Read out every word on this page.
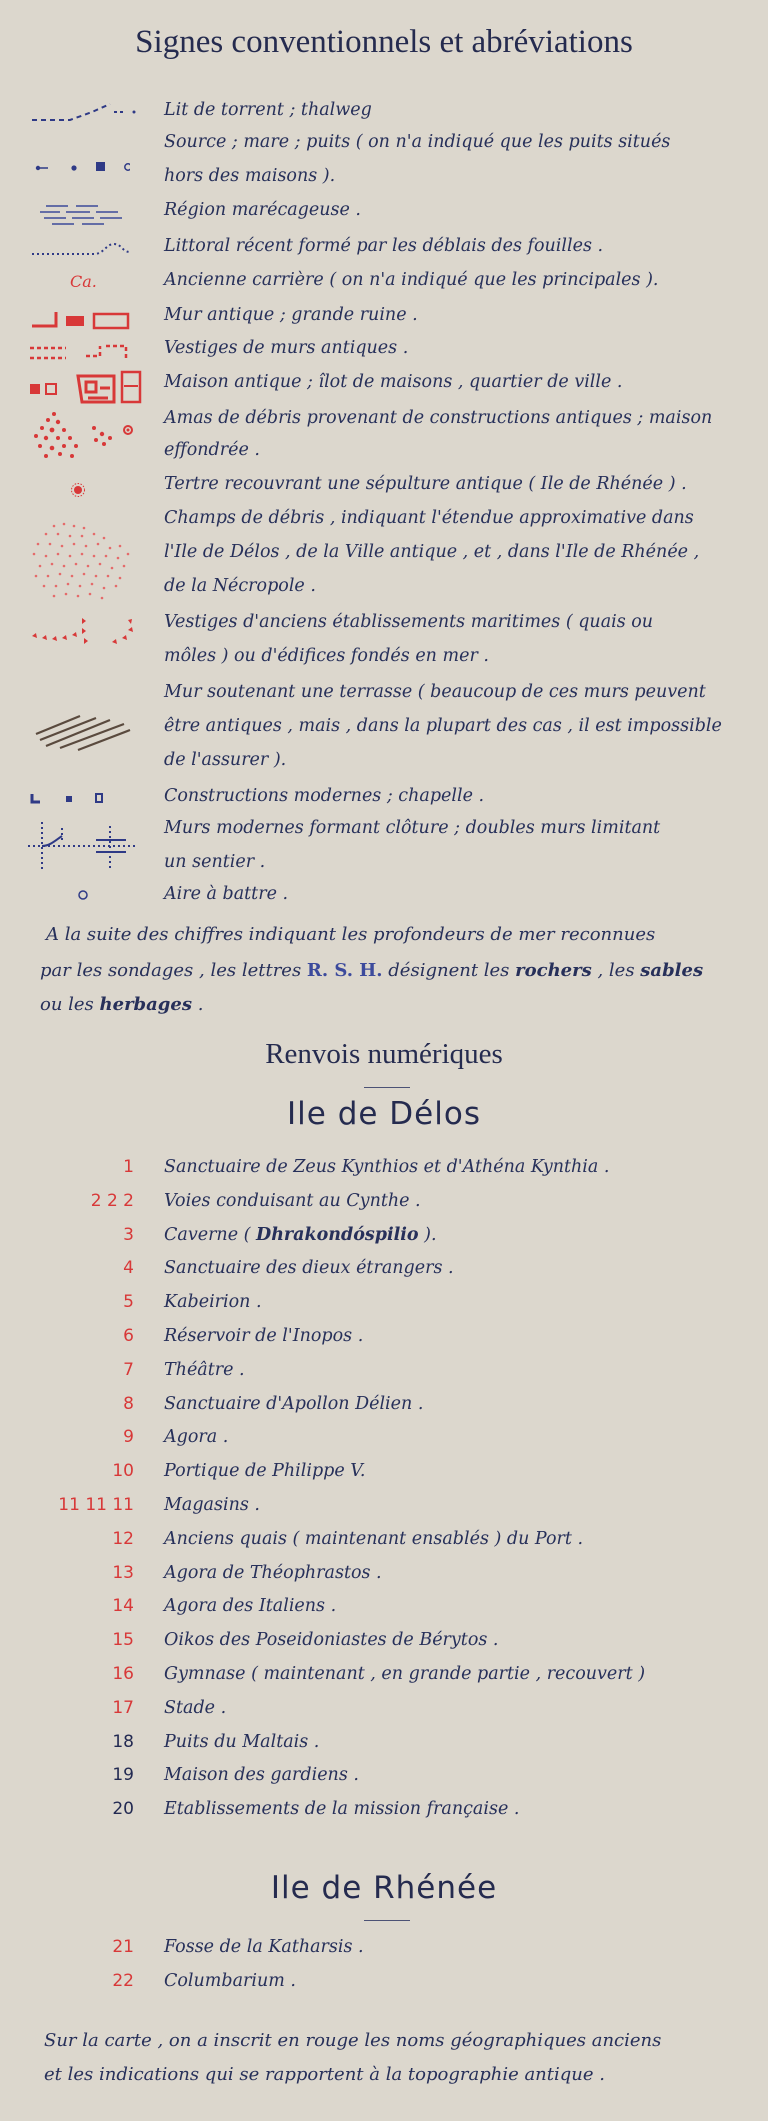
Signes conventionnels et abréviations
Ca.
Lit de torrent ; thalweg
Source ; mare ; puits ( on n'a indiqué que les puits situés
hors des maisons ).
Région marécageuse .
Littoral récent formé par les déblais des fouilles .
Ancienne carrière ( on n'a indiqué que les principales ).
Mur antique ; grande ruine .
Vestiges de murs antiques .
Maison antique ; îlot de maisons , quartier de ville .
Amas de débris provenant de constructions antiques ; maison
effondrée .
Tertre recouvrant une sépulture antique ( Ile de Rhénée ) .
Champs de débris , indiquant l'étendue approximative dans
l'Ile de Délos , de la Ville antique , et , dans l'Ile de Rhénée ,
de la Nécropole .
Vestiges d'anciens établissements maritimes ( quais ou
môles ) ou d'édifices fondés en mer .
Mur soutenant une terrasse ( beaucoup de ces murs peuvent
être antiques , mais , dans la plupart des cas , il est impossible
de l'assurer ).
Constructions modernes ; chapelle .
Murs modernes formant clôture ; doubles murs limitant
un sentier .
Aire à battre .
A la suite des chiffres indiquant les profondeurs de mer reconnues
par les sondages , les lettres R. S. H. désignent les rochers , les sables
ou les herbages .
Renvois numériques
Ile de Délos
1 Sanctuaire de Zeus Kynthios et d'Athéna Kynthia .
2 2 2 Voies conduisant au Cynthe .
3 Caverne ( Dhrakondóspilio ).
4 Sanctuaire des dieux étrangers .
5 Kabeirion .
6 Réservoir de l'Inopos .
7 Théâtre .
8 Sanctuaire d'Apollon Délien .
9 Agora .
10 Portique de Philippe V.
11 11 11 Magasins .
12 Anciens quais ( maintenant ensablés ) du Port .
13 Agora de Théophrastos .
14 Agora des Italiens .
15 Oikos des Poseidoniastes de Bérytos .
16 Gymnase ( maintenant , en grande partie , recouvert )
17 Stade .
18 Puits du Maltais .
19 Maison des gardiens .
20 Etablissements de la mission française .
Ile de Rhénée
21 Fosse de la Katharsis .
22 Columbarium .
Sur la carte , on a inscrit en rouge les noms géographiques anciens
et les indications qui se rapportent à la topographie antique .
